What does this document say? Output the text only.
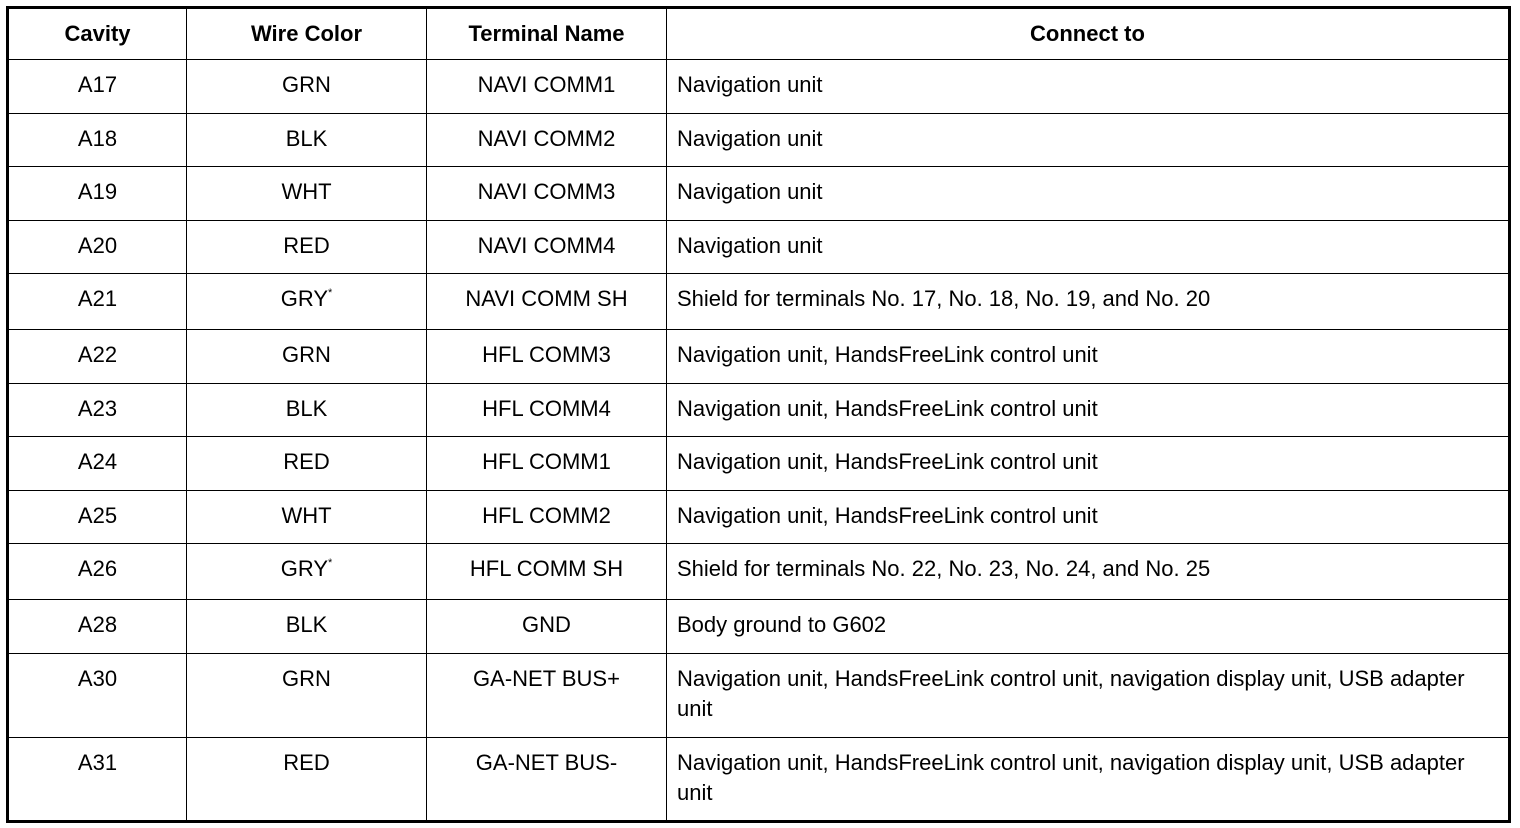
Cavity	Wire Color	Terminal Name	Connect to
A17	GRN	NAVI COMM1	Navigation unit
A18	BLK	NAVI COMM2	Navigation unit
A19	WHT	NAVI COMM3	Navigation unit
A20	RED	NAVI COMM4	Navigation unit
A21	GRY*	NAVI COMM SH	Shield for terminals No. 17, No. 18, No. 19, and No. 20
A22	GRN	HFL COMM3	Navigation unit, HandsFreeLink control unit
A23	BLK	HFL COMM4	Navigation unit, HandsFreeLink control unit
A24	RED	HFL COMM1	Navigation unit, HandsFreeLink control unit
A25	WHT	HFL COMM2	Navigation unit, HandsFreeLink control unit
A26	GRY*	HFL COMM SH	Shield for terminals No. 22, No. 23, No. 24, and No. 25
A28	BLK	GND	Body ground to G602
A30	GRN	GA-NET BUS+	Navigation unit, HandsFreeLink control unit, navigation display unit, USB adapter unit
A31	RED	GA-NET BUS-	Navigation unit, HandsFreeLink control unit, navigation display unit, USB adapter unit
